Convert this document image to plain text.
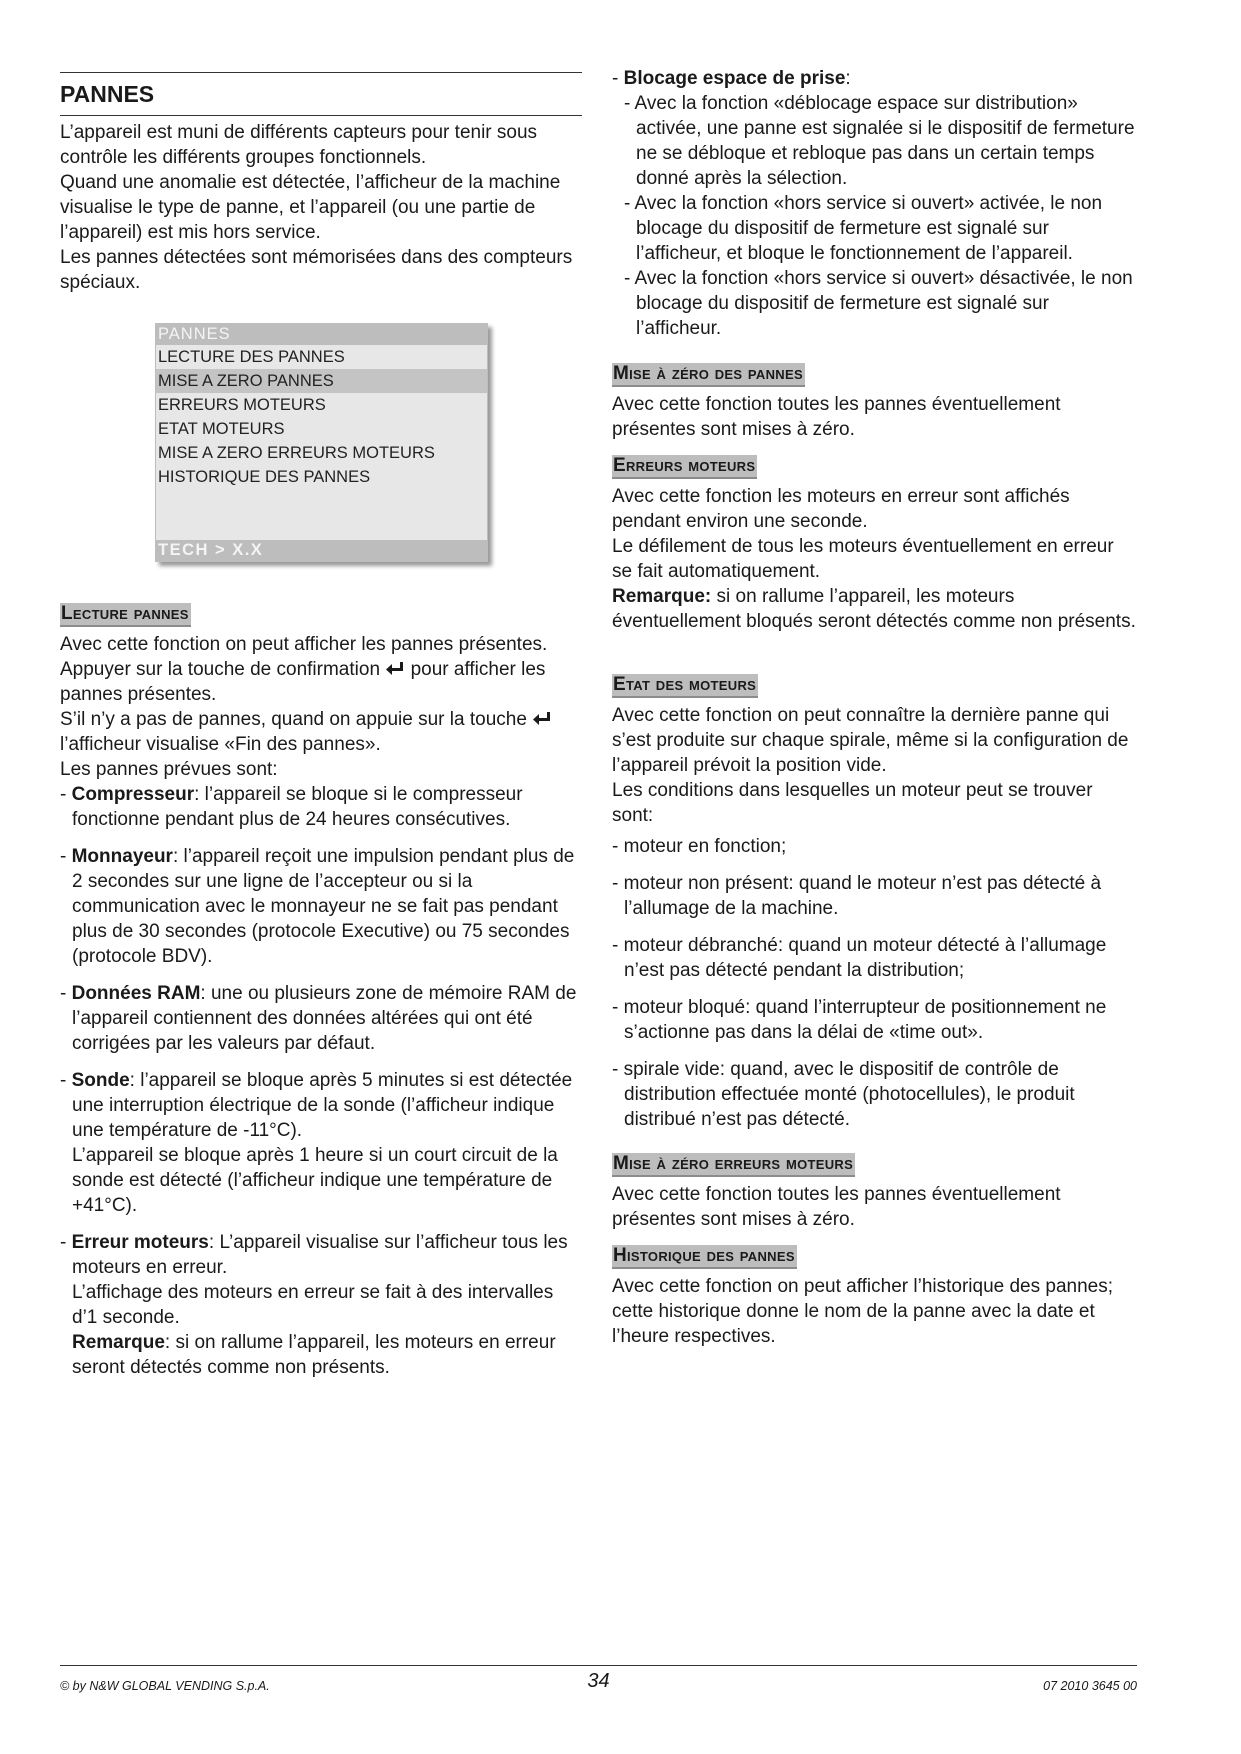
PANNES

L’appareil est muni de différents capteurs pour tenir sous contrôle les différents groupes fonctionnels.

Quand une anomalie est détectée, l’afficheur de la machine visualise le type de panne, et l’appareil (ou une partie de l’appareil) est mis hors service.

Les pannes détectées sont mémorisées dans des compteurs spéciaux.

PANNES
LECTURE DES PANNES
MISE A ZERO PANNES
ERREURS MOTEURS
ETAT MOTEURS
MISE A ZERO ERREURS MOTEURS
HISTORIQUE DES PANNES
TECH > X.X
Lecture pannes

Avec cette fonction on peut afficher les pannes présentes.

Appuyer sur la touche de confirmation pour afficher les pannes présentes.

S’il n’y a pas de pannes, quand on appuie sur la touche  l’afficheur visualise «Fin des pannes».

Les pannes prévues sont:

- Compresseur: l’appareil se bloque si le compresseur fonctionne pendant plus de 24 heures consécutives.

- Monnayeur: l’appareil reçoit une impulsion pendant plus de 2 secondes sur une ligne de l’accepteur ou si la communication avec le monnayeur ne se fait pas pendant plus de 30 secondes (protocole Executive) ou 75 secondes (protocole BDV).

- Données RAM: une ou plusieurs zone de mémoire RAM de l’appareil contiennent des données altérées qui ont été corrigées par les valeurs par défaut.

- Sonde: l’appareil se bloque après 5 minutes si est détectée une interruption électrique de la sonde (l’afficheur indique une température de -11°C).

L’appareil se bloque après 1 heure si un court circuit de la sonde est détecté (l’afficheur indique une température de +41°C).

- Erreur moteurs: L’appareil visualise sur l’afficheur tous les moteurs en erreur.

L’affichage des moteurs en erreur se fait à des intervalles d’1 seconde.

Remarque: si on rallume l’appareil, les moteurs en erreur seront détectés comme non présents.

- Blocage espace de prise:

- Avec la fonction «déblocage espace sur distribution» activée, une panne est signalée si le dispositif de fermeture ne se débloque et rebloque pas dans un certain temps donné après la sélection.

- Avec la fonction «hors service si ouvert» activée, le non blocage du dispositif de fermeture est signalé sur l’afficheur, et bloque le fonctionnement de l’appareil.

- Avec la fonction «hors service si ouvert» désactivée, le non blocage du dispositif de fermeture est signalé sur l’afficheur.

Mise à zéro des pannes

Avec cette fonction toutes les pannes éventuellement présentes sont mises à zéro.

Erreurs moteurs

Avec cette fonction les moteurs en erreur sont affichés pendant environ une seconde.

Le défilement de tous les moteurs éventuellement en erreur se fait automatiquement.

Remarque: si on rallume l’appareil, les moteurs éventuellement bloqués seront détectés comme non présents.

Etat des moteurs

Avec cette fonction on peut connaître la dernière panne qui s’est produite sur chaque spirale, même si la configuration de l’appareil prévoit la position vide.

Les conditions dans lesquelles un moteur peut se trouver sont:

- moteur en fonction;

- moteur non présent: quand le moteur n’est pas détecté à l’allumage de la machine.

- moteur débranché: quand un moteur détecté à l’allumage n’est pas détecté pendant la distribution;

- moteur bloqué: quand l’interrupteur de positionnement ne s’actionne pas dans la délai de «time out».

- spirale vide: quand, avec le dispositif de contrôle de distribution effectuée monté (photocellules), le produit distribué n’est pas détecté.

Mise à zéro erreurs moteurs

Avec cette fonction toutes les pannes éventuellement présentes sont mises à zéro.

Historique des pannes

Avec cette fonction on peut afficher l’historique des pannes; cette historique donne le nom de la panne avec la date et l’heure respectives.

© by N&W GLOBAL VENDING S.p.A.	34	07 2010 3645 00
